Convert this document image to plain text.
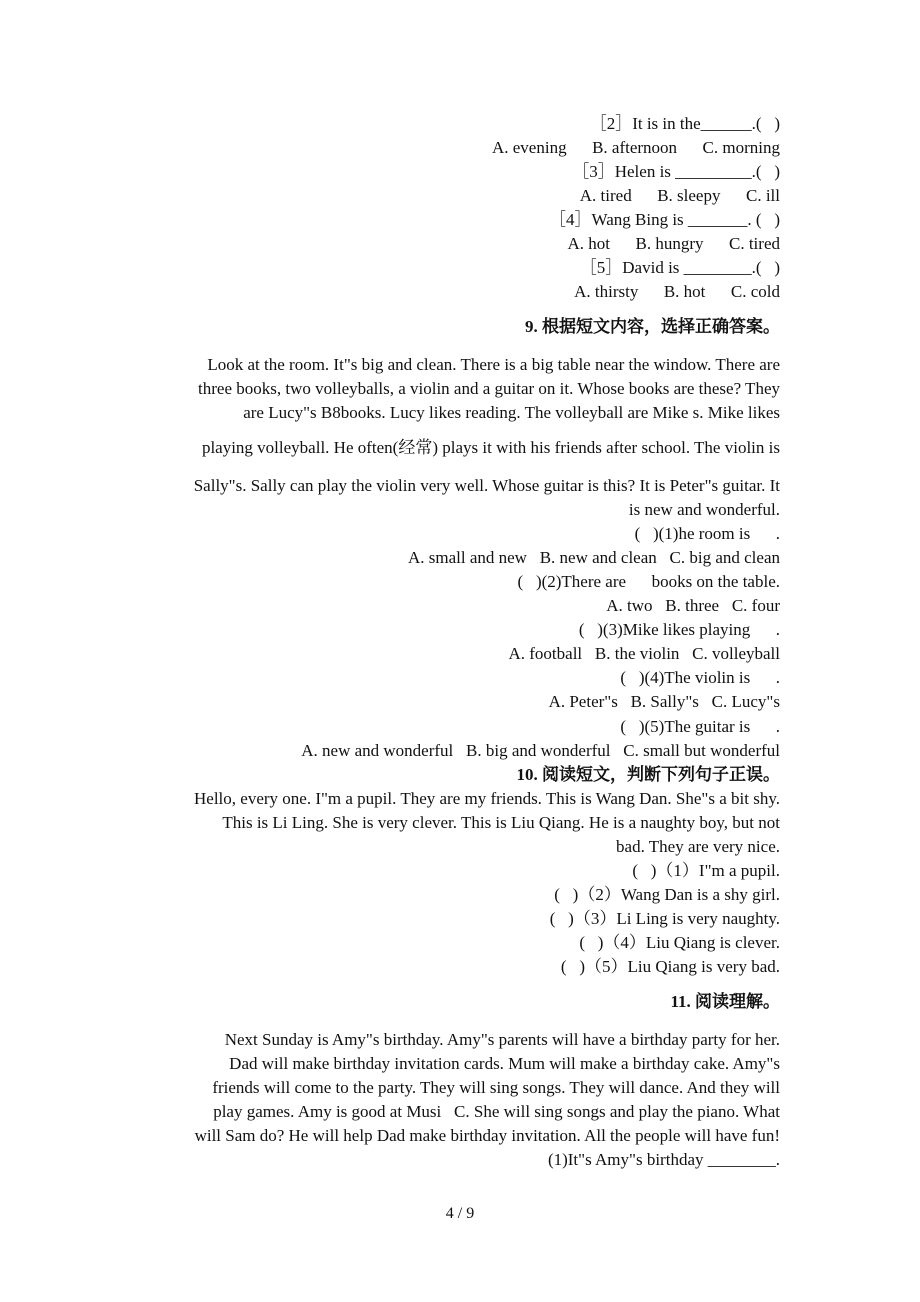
［2］It is in the______.(   )
A. evening      B. afternoon      C. morning
［3］Helen is _________.(   )
A. tired      B. sleepy      C. ill
［4］Wang Bing is _______. (   )
A. hot      B. hungry      C. tired
［5］David is ________.(   )
A. thirsty      B. hot      C. cold
9. 根据短文内容，选择正确答案。
Look at the room. It"s big and clean. There is a big table near the window. There are
three books, two volleyballs, a violin and a guitar on it. Whose books are these? They
are Lucy"s B8books. Lucy likes reading. The volleyball are Mike s. Mike likes
playing volleyball. He often(经常) plays it with his friends after school. The violin is
Sally"s. Sally can play the violin very well. Whose guitar is this? It is Peter"s guitar. It
is new and wonderful.
(   )(1)he room is      .
A. small and new   B. new and clean   C. big and clean
(   )(2)There are      books on the table.
A. two   B. three   C. four
(   )(3)Mike likes playing      .
A. football   B. the violin   C. volleyball
(   )(4)The violin is      .
A. Peter"s   B. Sally"s   C. Lucy"s
(   )(5)The guitar is      .
A. new and wonderful   B. big and wonderful   C. small but wonderful
10. 阅读短文，判断下列句子正误。
Hello, every one. I"m a pupil. They are my friends. This is Wang Dan. She"s a bit shy.
This is Li Ling. She is very clever. This is Liu Qiang. He is a naughty boy, but not
bad. They are very nice.
(   )（1）I"m a pupil.
(   )（2）Wang Dan is a shy girl.
(   )（3）Li Ling is very naughty.
(   )（4）Liu Qiang is clever.
(   )（5）Liu Qiang is very bad.
11. 阅读理解。
Next Sunday is Amy"s birthday. Amy"s parents will have a birthday party for her.
Dad will make birthday invitation cards. Mum will make a birthday cake. Amy"s
friends will come to the party. They will sing songs. They will dance. And they will
play games. Amy is good at Musi   C. She will sing songs and play the piano. What
will Sam do? He will help Dad make birthday invitation. All the people will have fun!
(1)It"s Amy"s birthday ________.
4 / 9
